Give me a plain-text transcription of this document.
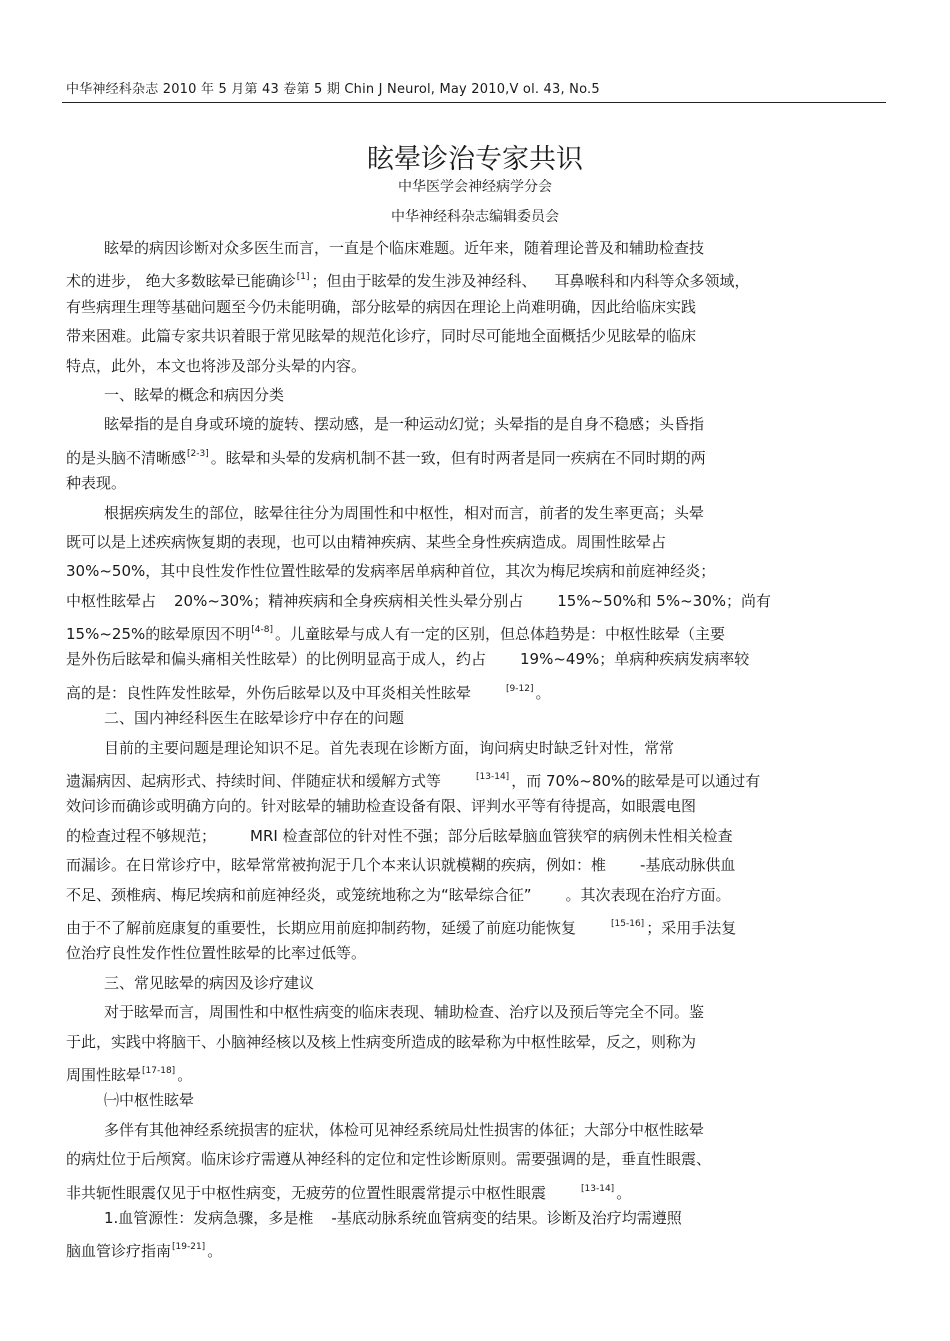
中华神经科杂志 2010 年 5 月第 43 卷第 5 期 Chin J Neurol, May 2010,V ol. 43, No.5
眩晕诊治专家共识
中华医学会神经病学分会
中华神经科杂志编辑委员会
眩晕的病因诊断对众多医生而言，一直是个临床难题。近年来，随着理论普及和辅助检查技
术的进步， 绝大多数眩晕已能确诊[1] ；但由于眩晕的发生涉及神经科、 耳鼻喉科和内科等众多领域，
有些病理生理等基础问题至今仍未能明确，部分眩晕的病因在理论上尚难明确，因此给临床实践
带来困难。此篇专家共识着眼于常见眩晕的规范化诊疗，同时尽可能地全面概括少见眩晕的临床
特点，此外，本文也将涉及部分头晕的内容。
一、眩晕的概念和病因分类
眩晕指的是自身或环境的旋转、摆动感，是一种运动幻觉；头晕指的是自身不稳感；头昏指
的是头脑不清晰感[2-3] 。眩晕和头晕的发病机制不甚一致，但有时两者是同一疾病在不同时期的两
种表现。
根据疾病发生的部位，眩晕往往分为周围性和中枢性，相对而言，前者的发生率更高；头晕
既可以是上述疾病恢复期的表现，也可以由精神疾病、某些全身性疾病造成。周围性眩晕占
30%~50%，其中良性发作性位置性眩晕的发病率居单病种首位，其次为梅尼埃病和前庭神经炎；
中枢性眩晕占 20%~30%；精神疾病和全身疾病相关性头晕分别占 15%~50%和 5%~30%；尚有
15%~25%的眩晕原因不明[4-8] 。儿童眩晕与成人有一定的区别，但总体趋势是：中枢性眩晕（主要
是外伤后眩晕和偏头痛相关性眩晕）的比例明显高于成人，约占 19%~49%；单病种疾病发病率较
高的是：良性阵发性眩晕，外伤后眩晕以及中耳炎相关性眩晕	[9-12] 。
二、国内神经科医生在眩晕诊疗中存在的问题
目前的主要问题是理论知识不足。首先表现在诊断方面，询问病史时缺乏针对性，常常
遗漏病因、起病形式、持续时间、伴随症状和缓解方式等	[13-14] ，而 70%~80%的眩晕是可以通过有
效问诊而确诊或明确方向的。针对眩晕的辅助检查设备有限、评判水平等有待提高，如眼震电图
的检查过程不够规范； MRI 检查部位的针对性不强；部分后眩晕脑血管狭窄的病例未性相关检查
而漏诊。在日常诊疗中，眩晕常常被拘泥于几个本来认识就模糊的疾病，例如：椎 -基底动脉供血
不足、颈椎病、梅尼埃病和前庭神经炎，或笼统地称之为“眩晕综合征” 。其次表现在治疗方面。
由于不了解前庭康复的重要性，长期应用前庭抑制药物，延缓了前庭功能恢复	[15-16] ；采用手法复
位治疗良性发作性位置性眩晕的比率过低等。
三、常见眩晕的病因及诊疗建议
对于眩晕而言，周围性和中枢性病变的临床表现、辅助检查、治疗以及预后等完全不同。鉴
于此，实践中将脑干、小脑神经核以及核上性病变所造成的眩晕称为中枢性眩晕，反之，则称为
周围性眩晕[17-18] 。
㈠中枢性眩晕
多伴有其他神经系统损害的症状，体检可见神经系统局灶性损害的体征；大部分中枢性眩晕
的病灶位于后颅窝。临床诊疗需遵从神经科的定位和定性诊断原则。需要强调的是，垂直性眼震、
非共轭性眼震仅见于中枢性病变，无疲劳的位置性眼震常提示中枢性眼震	[13-14] 。
1.血管源性：发病急骤，多是椎 -基底动脉系统血管病变的结果。诊断及治疗均需遵照
脑血管诊疗指南[19-21] 。
